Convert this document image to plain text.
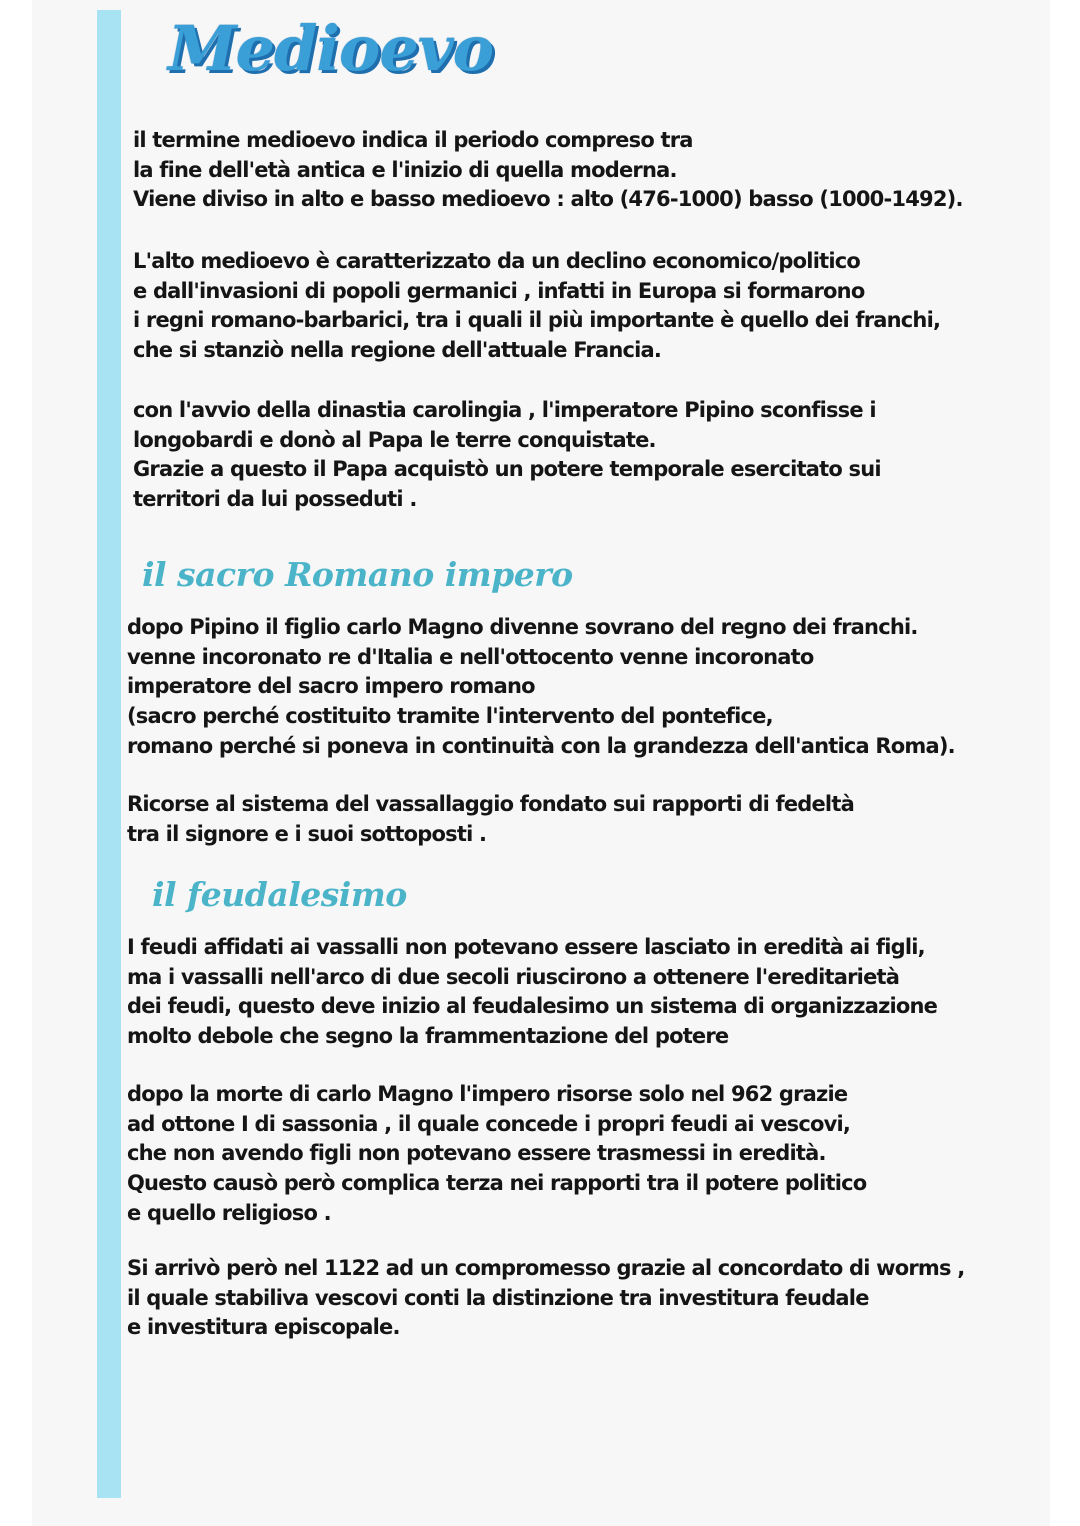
Medioevo
il termine medioevo indica il periodo compreso tra
la fine dell'età antica e l'inizio di quella moderna.
Viene diviso in alto e basso medioevo : alto (476-1000) basso (1000-1492).
L'alto medioevo è caratterizzato da un declino economico/politico
e dall'invasioni di popoli germanici , infatti in Europa si formarono
i regni romano-barbarici, tra i quali il più importante è quello dei franchi,
che si stanziò nella regione dell'attuale Francia.
con l'avvio della dinastia carolingia , l'imperatore Pipino sconfisse i
longobardi e donò al Papa le terre conquistate.
Grazie a questo il Papa acquistò un potere temporale esercitato sui
territori da lui posseduti .
il sacro Romano impero
dopo Pipino il figlio carlo Magno divenne sovrano del regno dei franchi.
venne incoronato re d'Italia e nell'ottocento venne incoronato
imperatore del sacro impero romano
(sacro perché costituito tramite l'intervento del pontefice,
romano perché si poneva in continuità con la grandezza dell'antica Roma).
Ricorse al sistema del vassallaggio fondato sui rapporti di fedeltà
tra il signore e i suoi sottoposti .
il feudalesimo
I feudi affidati ai vassalli non potevano essere lasciato in eredità ai figli,
ma i vassalli nell'arco di due secoli riuscirono a ottenere l'ereditarietà
dei feudi, questo deve inizio al feudalesimo un sistema di organizzazione
molto debole che segno la frammentazione del potere
dopo la morte di carlo Magno l'impero risorse solo nel 962 grazie
ad ottone I di sassonia , il quale concede i propri feudi ai vescovi,
che non avendo figli non potevano essere trasmessi in eredità.
Questo causò però complica terza nei rapporti tra il potere politico
e quello religioso .
Si arrivò però nel 1122 ad un compromesso grazie al concordato di worms ,
il quale stabiliva vescovi conti la distinzione tra investitura feudale
e investitura episcopale.
